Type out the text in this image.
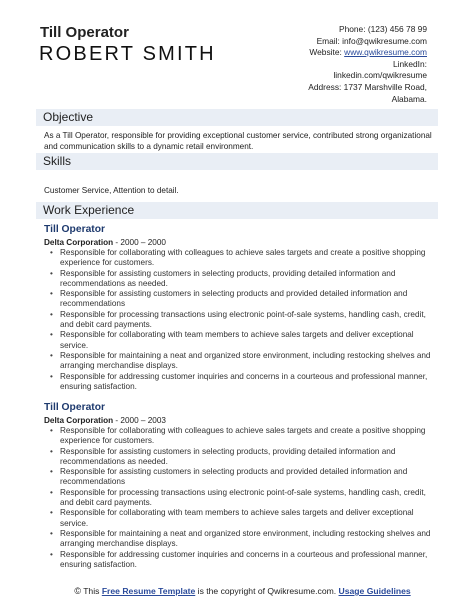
Till Operator
ROBERT SMITH
Phone: (123) 456 78 99
Email: info@qwikresume.com
Website: www.qwikresume.com
LinkedIn:
linkedin.com/qwikresume
Address: 1737 Marshville Road,
Alabama.
Objective
As a Till Operator, responsible for providing exceptional customer service, contributed strong organizational and communication skills to a dynamic retail environment.
Skills
Customer Service, Attention to detail.
Work Experience
Till Operator
Delta Corporation - 2000 – 2000
• Responsible for collaborating with colleagues to achieve sales targets and create a positive shopping experience for customers.
• Responsible for assisting customers in selecting products, providing detailed information and recommendations as needed.
• Responsible for assisting customers in selecting products and provided detailed information and recommendations
• Responsible for processing transactions using electronic point-of-sale systems, handling cash, credit, and debit card payments.
• Responsible for collaborating with team members to achieve sales targets and deliver exceptional service.
• Responsible for maintaining a neat and organized store environment, including restocking shelves and arranging merchandise displays.
• Responsible for addressing customer inquiries and concerns in a courteous and professional manner, ensuring satisfaction.
Till Operator
Delta Corporation - 2000 – 2003
• Responsible for collaborating with colleagues to achieve sales targets and create a positive shopping experience for customers.
• Responsible for assisting customers in selecting products, providing detailed information and recommendations as needed.
• Responsible for assisting customers in selecting products and provided detailed information and recommendations
• Responsible for processing transactions using electronic point-of-sale systems, handling cash, credit, and debit card payments.
• Responsible for collaborating with team members to achieve sales targets and deliver exceptional service.
• Responsible for maintaining a neat and organized store environment, including restocking shelves and arranging merchandise displays.
• Responsible for addressing customer inquiries and concerns in a courteous and professional manner, ensuring satisfaction.
© This Free Resume Template is the copyright of Qwikresume.com. Usage Guidelines
